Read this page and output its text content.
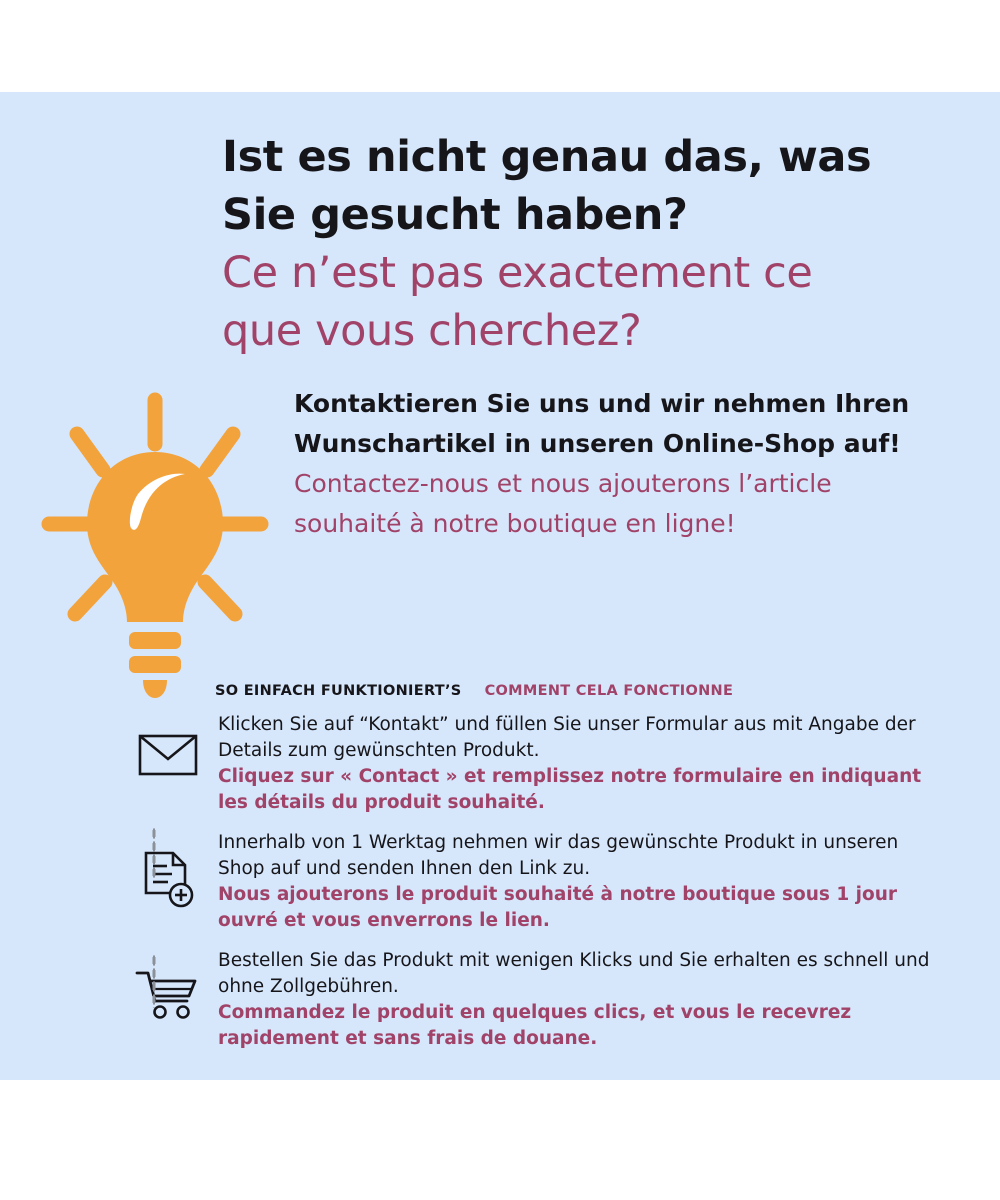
Ist es nicht genau das, was

Sie gesucht haben?

Ce n’est pas exactement ce

que vous cherchez?

Kontaktieren Sie uns und wir nehmen Ihren Wunschartikel in unseren Online-Shop auf!

Contactez-nous et nous ajouterons l’article souhaité à notre boutique en ligne!

SO EINFACH FUNKTIONIERT’S COMMENT CELA FONCTIONNE

Klicken Sie auf “Kontakt” und füllen Sie unser Formular aus mit Angabe der Details zum gewünschten Produkt.

Cliquez sur « Contact » et remplissez notre formulaire en indiquant les détails du produit souhaité.

Innerhalb von 1 Werktag nehmen wir das gewünschte Produkt in unseren Shop auf und senden Ihnen den Link zu.

Nous ajouterons le produit souhaité à notre boutique sous 1 jour ouvré et vous enverrons le lien.

Bestellen Sie das Produkt mit wenigen Klicks und Sie erhalten es schnell und ohne Zollgebühren.

Commandez le produit en quelques clics, et vous le recevrez rapidement et sans frais de douane.
